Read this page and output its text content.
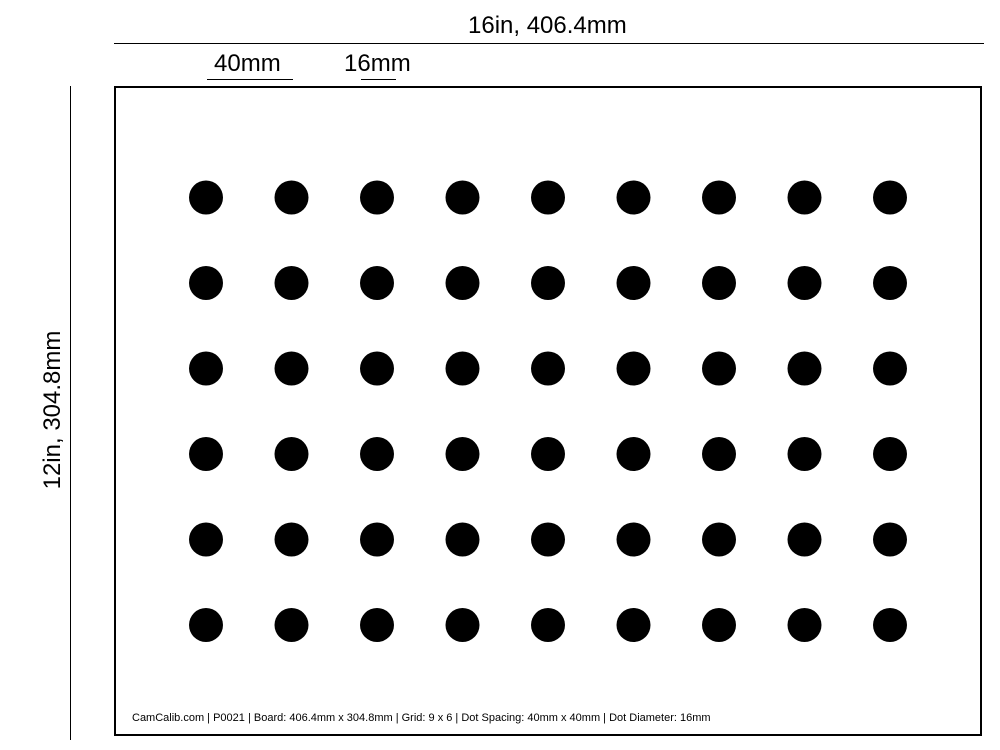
16in, 406.4mm
40mm	16mm
12in, 304.8mm
CamCalib.com | P0021 | Board: 406.4mm x 304.8mm | Grid: 9 x 6 | Dot Spacing: 40mm x 40mm | Dot Diameter: 16mm
